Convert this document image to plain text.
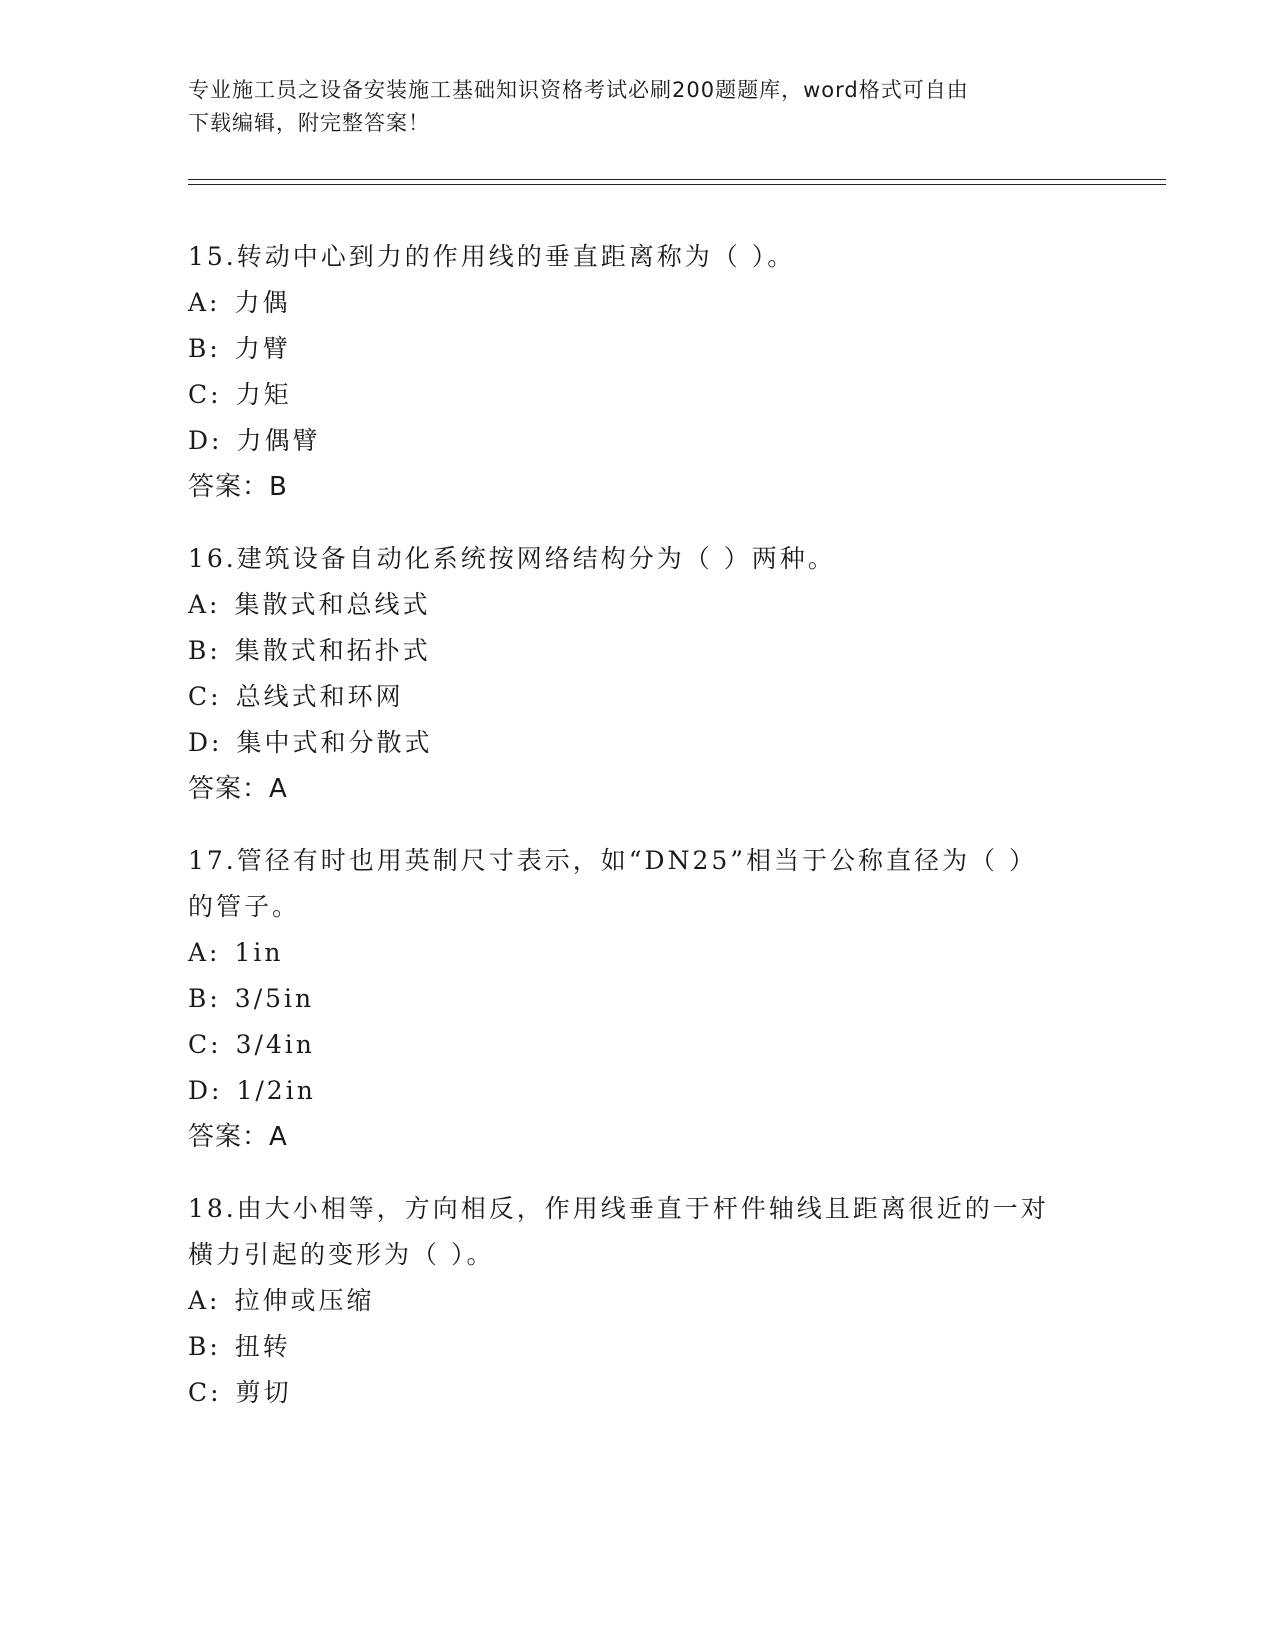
专业施工员之设备安装施工基础知识资格考试必刷200题题库，word格式可自由
下载编辑，附完整答案！

15.转动中心到力的作用线的垂直距离称为（ ）。

A: 力偶

B: 力臂

C: 力矩

D: 力偶臂

答案：B

16.建筑设备自动化系统按网络结构分为（ ）两种。

A: 集散式和总线式

B: 集散式和拓扑式

C: 总线式和环网

D: 集中式和分散式

答案：A

17.管径有时也用英制尺寸表示，如“DN25”相当于公称直径为（ ）

的管子。

A: 1in

B: 3/5in

C: 3/4in

D: 1/2in

答案：A

18.由大小相等，方向相反，作用线垂直于杆件轴线且距离很近的一对

横力引起的变形为（ ）。

A: 拉伸或压缩

B: 扭转

C: 剪切
